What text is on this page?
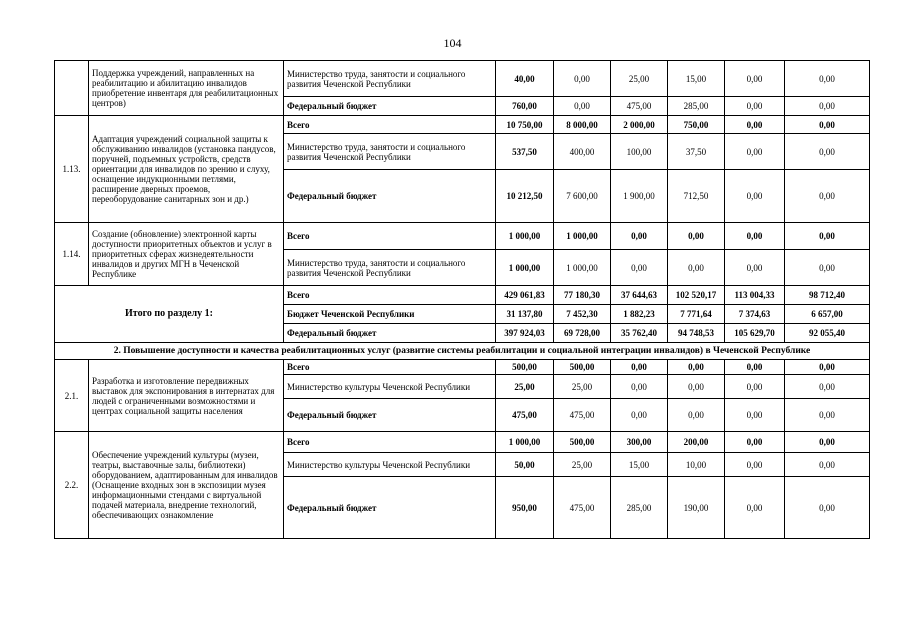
104
	Поддержка учреждений, направленных на реабилитацию и абилитацию инвалидов приобретение инвентаря для реабилитационных центров)	Министерство труда, занятости и социального развития Чеченской Республики	40,00	0,00	25,00	15,00	0,00	0,00
		Федеральный бюджет	760,00	0,00	475,00	285,00	0,00	0,00
1.13.	Адаптация учреждений социальной защиты к обслуживанию инвалидов (установка пандусов, поручней, подъемных устройств, средств ориентации для инвалидов по зрению и слуху, оснащение индукционными петлями, расширение дверных проемов, переоборудование санитарных зон и др.)	Всего	10 750,00	8 000,00	2 000,00	750,00	0,00	0,00
		Министерство труда, занятости и социального развития Чеченской Республики	537,50	400,00	100,00	37,50	0,00	0,00
		Федеральный бюджет	10 212,50	7 600,00	1 900,00	712,50	0,00	0,00
1.14.	Создание (обновление) электронной карты доступности приоритетных объектов и услуг в приоритетных сферах жизнедеятельности инвалидов и других МГН в Чеченской Республике	Всего	1 000,00	1 000,00	0,00	0,00	0,00	0,00
		Министерство труда, занятости и социального развития Чеченской Республики	1 000,00	1 000,00	0,00	0,00	0,00	0,00
Итого по разделу 1:		Всего	429 061,83	77 180,30	37 644,63	102 520,17	113 004,33	98 712,40
		Бюджет Чеченской Республики	31 137,80	7 452,30	1 882,23	7 771,64	7 374,63	6 657,00
		Федеральный бюджет	397 924,03	69 728,00	35 762,40	94 748,53	105 629,70	92 055,40
2. Повышение доступности и качества реабилитационных услуг (развитие системы реабилитации и социальной интеграции инвалидов) в Чеченской Республике								
2.1.	Разработка и изготовление передвижных выставок для экспонирования в интернатах для людей с ограниченными возможностями и центрах социальной защиты населения	Всего	500,00	500,00	0,00	0,00	0,00	0,00
		Министерство культуры Чеченской Республики	25,00	25,00	0,00	0,00	0,00	0,00
		Федеральный бюджет	475,00	475,00	0,00	0,00	0,00	0,00
2.2.	Обеспечение учреждений культуры (музеи, театры, выставочные залы, библиотеки) оборудованием, адаптированным для инвалидов (Оснащение входных зон в экспозиции музея информационными стендами с виртуальной подачей материала, внедрение технологий, обеспечивающих ознакомление	Всего	1 000,00	500,00	300,00	200,00	0,00	0,00
		Министерство культуры Чеченской Республики	50,00	25,00	15,00	10,00	0,00	0,00
		Федеральный бюджет	950,00	475,00	285,00	190,00	0,00	0,00
